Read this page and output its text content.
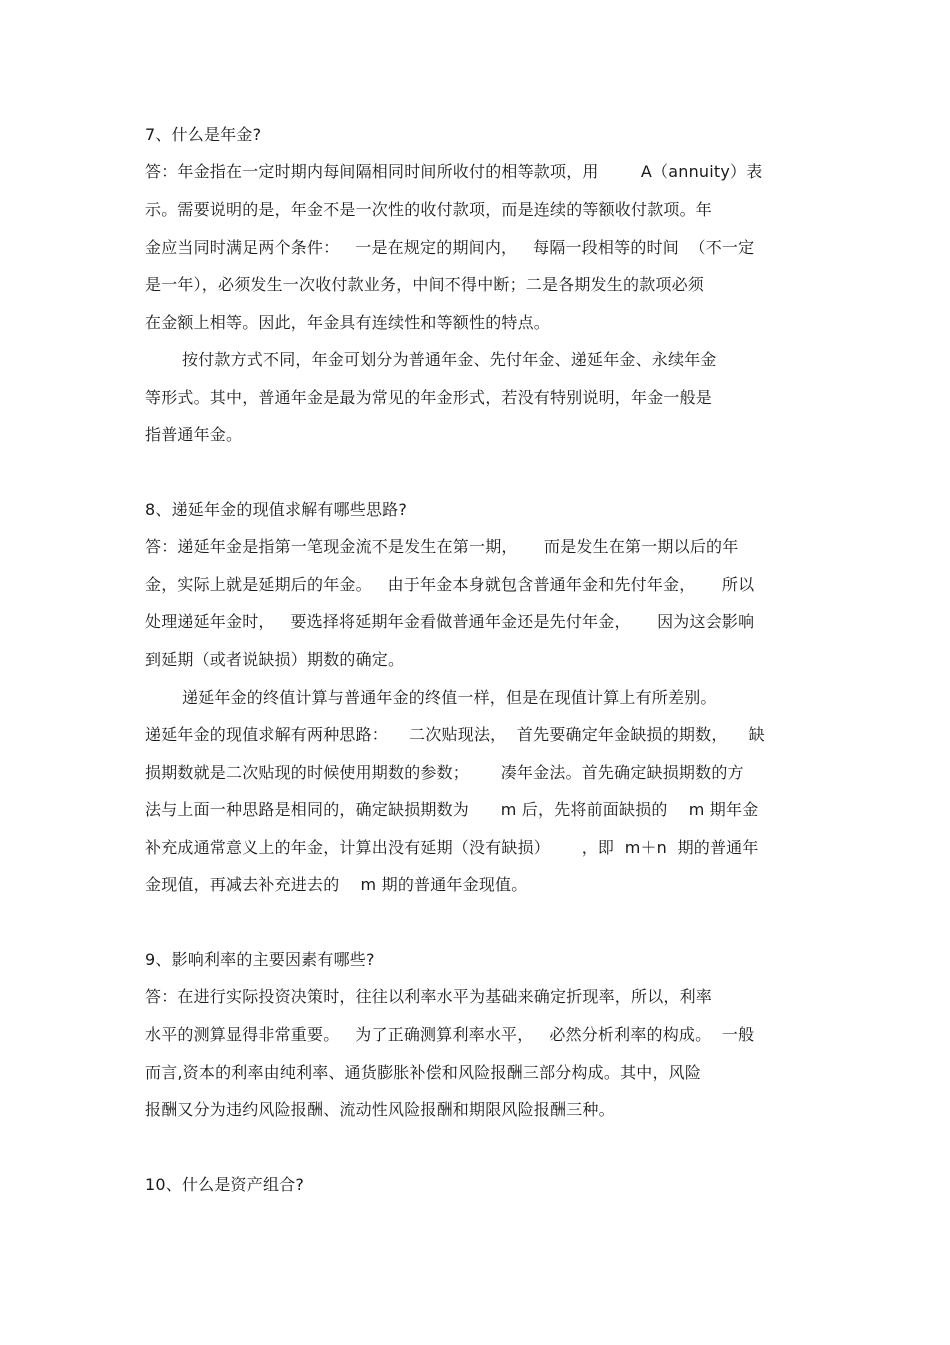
7、什么是年金?
答：年金指在一定时期内每间隔相同时间所收付的相等款项，用        A（annuity）表
示。需要说明的是，年金不是一次性的收付款项，而是连续的等额收付款项。年
金应当同时满足两个条件：   一是在规定的期间内，   每隔一段相等的时间  （不一定
是一年），必须发生一次收付款业务，中间不得中断；二是各期发生的款项必须
在金额上相等。因此，年金具有连续性和等额性的特点。
按付款方式不同，年金可划分为普通年金、先付年金、递延年金、永续年金
等形式。其中，普通年金是最为常见的年金形式，若没有特别说明，年金一般是
指普通年金。
8、递延年金的现值求解有哪些思路?
答：递延年金是指第一笔现金流不是发生在第一期，     而是发生在第一期以后的年
金，实际上就是延期后的年金。   由于年金本身就包含普通年金和先付年金，     所以
处理递延年金时，   要选择将延期年金看做普通年金还是先付年金，     因为这会影响
到延期（或者说缺损）期数的确定。
递延年金的终值计算与普通年金的终值一样，但是在现值计算上有所差别。
递延年金的现值求解有两种思路：    二次贴现法，  首先要确定年金缺损的期数，    缺
损期数就是二次贴现的时候使用期数的参数；      凑年金法。首先确定缺损期数的方
法与上面一种思路是相同的，确定缺损期数为      m 后，先将前面缺损的    m 期年金
补充成通常意义上的年金，计算出没有延期（没有缺损）      ，即  m＋n  期的普通年
金现值，再减去补充进去的    m 期的普通年金现值。
9、影响利率的主要因素有哪些?
答：在进行实际投资决策时，往往以利率水平为基础来确定折现率，所以，利率
水平的测算显得非常重要。   为了正确测算利率水平，   必然分析利率的构成。  一般
而言,资本的利率由纯利率、通货膨胀补偿和风险报酬三部分构成。其中，风险
报酬又分为违约风险报酬、流动性风险报酬和期限风险报酬三种。
10、什么是资产组合?
